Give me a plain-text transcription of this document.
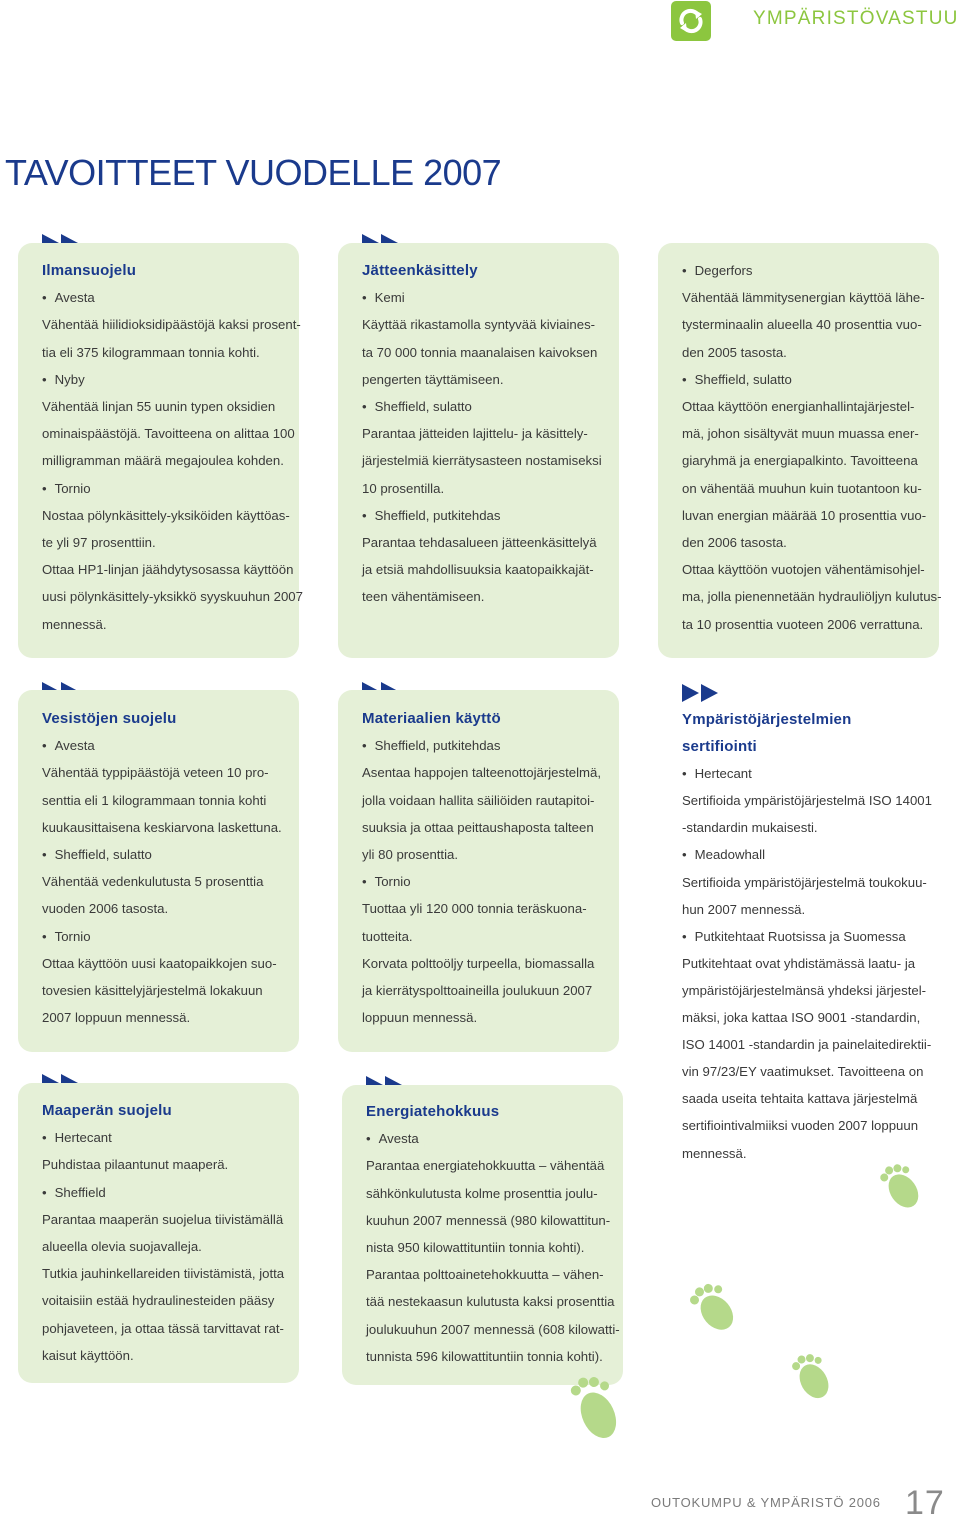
YMPÄRISTÖVASTUU
TAVOITTEET VUODELLE 2007
Ilmansuojelu
• Avesta
Vähentää hiilidioksidipäästöjä kaksi prosent-
tia eli 375 kilogrammaan tonnia kohti.
• Nyby
Vähentää linjan 55 uunin typen oksidien
ominaispäästöjä. Tavoitteena on alittaa 100
milligramman määrä megajoulea kohden.
• Tornio
Nostaa pölynkäsittely-yksiköiden käyttöas-
te yli 97 prosenttiin.
Ottaa HP1-linjan jäähdytysosassa käyttöön
uusi pölynkäsittely-yksikkö syyskuuhun 2007
mennessä.
Jätteenkäsittely
• Kemi
Käyttää rikastamolla syntyvää kiviaines-
ta 70 000 tonnia maanalaisen kaivoksen
pengerten täyttämiseen.
• Sheffield, sulatto
Parantaa jätteiden lajittelu- ja käsittely-
järjestelmiä kierrätysasteen nostamiseksi
10 prosentilla.
• Sheffield, putkitehdas
Parantaa tehdasalueen jätteenkäsittelyä
ja etsiä mahdollisuuksia kaatopaikkajät-
teen vähentämiseen.
• Degerfors
Vähentää lämmitysenergian käyttöä lähe-
tysterminaalin alueella 40 prosenttia vuo-
den 2005 tasosta.
• Sheffield, sulatto
Ottaa käyttöön energianhallintajärjestel-
mä, johon sisältyvät muun muassa ener-
giaryhmä ja energiapalkinto. Tavoitteena
on vähentää muuhun kuin tuotantoon ku-
luvan energian määrää 10 prosenttia vuo-
den 2006 tasosta.
Ottaa käyttöön vuotojen vähentämisohjel-
ma, jolla pienennetään hydrauliöljyn kulutus-
ta 10 prosenttia vuoteen 2006 verrattuna.
Vesistöjen suojelu
• Avesta
Vähentää typpipäästöjä veteen 10 pro-
senttia eli 1 kilogrammaan tonnia kohti
kuukausittaisena keskiarvona laskettuna.
• Sheffield, sulatto
Vähentää vedenkulutusta 5 prosenttia
vuoden 2006 tasosta.
• Tornio
Ottaa käyttöön uusi kaatopaikkojen suo-
tovesien käsittelyjärjestelmä lokakuun
2007 loppuun mennessä.
Materiaalien käyttö
• Sheffield, putkitehdas
Asentaa happojen talteenottojärjestelmä,
jolla voidaan hallita säiliöiden rautapitoi-
suuksia ja ottaa peittaushaposta talteen
yli 80 prosenttia.
• Tornio
Tuottaa yli 120 000 tonnia teräskuona-
tuotteita.
Korvata polttoöljy turpeella, biomassalla
ja kierrätyspolttoaineilla joulukuun 2007
loppuun mennessä.
Ympäristöjärjestelmien
sertifiointi
• Hertecant
Sertifioida ympäristöjärjestelmä ISO 14001
-standardin mukaisesti.
• Meadowhall
Sertifioida ympäristöjärjestelmä toukokuu-
hun 2007 mennessä.
• Putkitehtaat Ruotsissa ja Suomessa
Putkitehtaat ovat yhdistämässä laatu- ja
ympäristöjärjestelmänsä yhdeksi järjestel-
mäksi, joka kattaa ISO 9001 -standardin,
ISO 14001 -standardin ja painelaitedirektii-
vin 97/23/EY vaatimukset. Tavoitteena on
saada useita tehtaita kattava järjestelmä
sertifiointivalmiiksi vuoden 2007 loppuun
mennessä.
Maaperän suojelu
• Hertecant
Puhdistaa pilaantunut maaperä.
• Sheffield
Parantaa maaperän suojelua tiivistämällä
alueella olevia suojavalleja.
Tutkia jauhinkellareiden tiivistämistä, jotta
voitaisiin estää hydraulinesteiden pääsy
pohjaveteen, ja ottaa tässä tarvittavat rat-
kaisut käyttöön.
Energiatehokkuus
• Avesta
Parantaa energiatehokkuutta – vähentää
sähkönkulutusta kolme prosenttia joulu-
kuuhun 2007 mennessä (980 kilowattitun-
nista 950 kilowattituntiin tonnia kohti).
Parantaa polttoainetehokkuutta – vähen-
tää nestekaasun kulutusta kaksi prosenttia
joulukuuhun 2007 mennessä (608 kilowatti-
tunnista 596 kilowattituntiin tonnia kohti).
OUTOKUMPU & YMPÄRISTÖ 2006 17
